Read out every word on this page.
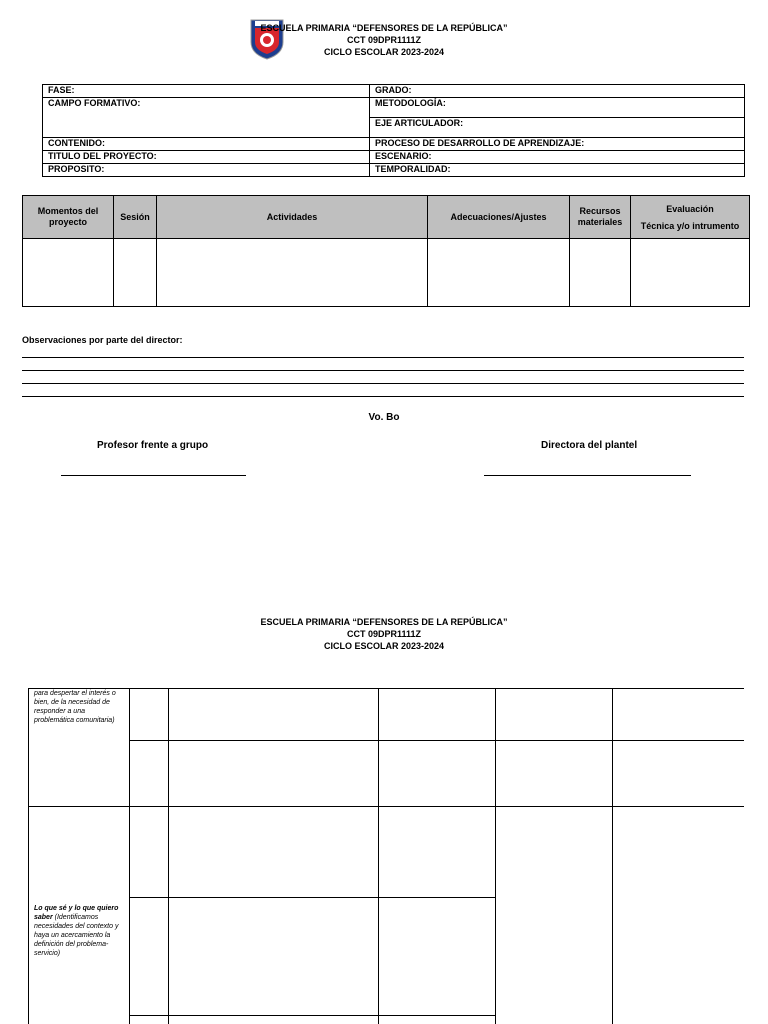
ESCUELA PRIMARIA “DEFENSORES DE LA REPÚBLICA”
CCT 09DPR1111Z
CICLO ESCOLAR 2023-2024
FASE:	GRADO:
CAMPO FORMATIVO:	METODOLOGÍA:
	EJE ARTICULADOR:
CONTENIDO:	PROCESO DE DESARROLLO DE APRENDIZAJE:
TITULO DEL PROYECTO:	ESCENARIO:
PROPOSITO:	TEMPORALIDAD:
Momentos del proyecto	Sesión	Actividades	Adecuaciones/Ajustes	Recursos materiales	Evaluación
Técnica y/o intrumento

Observaciones por parte del director:
Vo. Bo
Profesor frente a grupo	Directora del plantel
ESCUELA PRIMARIA “DEFENSORES DE LA REPÚBLICA”
CCT 09DPR1111Z
CICLO ESCOLAR 2023-2024
para despertar el interés o bien, de la necesidad de responder a una problemática comunitaria)					

Lo que sé y lo que quiero saber (Identificamos necesidades del contexto y haya un acercamiento la definición del problema-servicio)					
